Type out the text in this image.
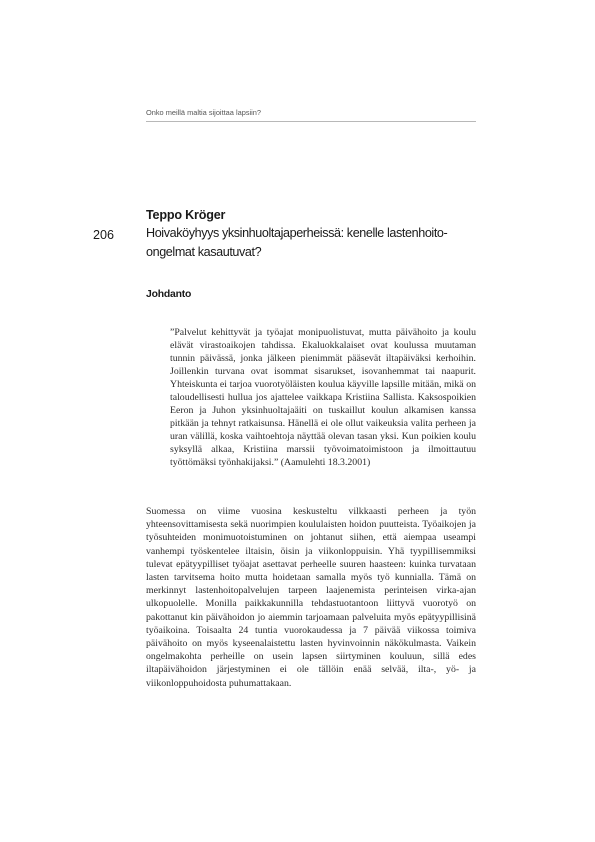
Onko meillä maltia sijoittaa lapsiin?
Teppo Kröger
206	Hoivaköyhyys yksinhuoltajaperheissä: kenelle lastenhoito-ongelmat kasautuvat?
Johdanto

”Palvelut kehittyvät ja työajat monipuolistuvat, mutta päivähoito ja koulu elävät virastoaikojen tahdissa. Ekaluokkalaiset ovat koulussa muutaman tunnin päivässä, jonka jälkeen pienimmät pääsevät iltapäiväksi kerhoihin. Joillenkin turvana ovat isommat sisarukset, isovanhemmat tai naapurit. Yhteiskunta ei tarjoa vuorotyöläisten koulua käyville lapsille mitään, mikä on taloudellisesti hullua jos ajattelee vaikkapa Kristiina Sallista. Kaksospoikien Eeron ja Juhon yksinhuoltajaäiti on tuskaillut koulun alkamisen kanssa pitkään ja tehnyt ratkaisunsa. Hänellä ei ole ollut vaikeuksia valita perheen ja uran välillä, koska vaihtoehtoja näyttää olevan tasan yksi. Kun poikien koulu syksyllä alkaa, Kristiina marssii työvoimatoimistoon ja ilmoittautuu työttömäksi työnhakijaksi.” (Aamulehti 18.3.2001)

Suomessa on viime vuosina keskusteltu vilkkaasti perheen ja työn yhteensovittamisesta sekä nuorimpien koululaisten hoidon puutteista. Työaikojen ja työsuhteiden monimuotoistuminen on johtanut siihen, että aiempaa useampi vanhempi työskentelee iltaisin, öisin ja viikonloppuisin. Yhä tyypillisemmiksi tulevat epätyypilliset työajat asettavat perheelle suuren haasteen: kuinka turvataan lasten tarvitsema hoito mutta hoidetaan samalla myös työ kunnialla. Tämä on merkinnyt lastenhoitopalvelujen tarpeen laajenemista perinteisen virka-ajan ulkopuolelle. Monilla paikkakunnilla tehdastuotantoon liittyvä vuorotyö on pakottanut kin päivähoidon jo aiemmin tarjoamaan palveluita myös epätyypillisinä työaikoina. Toisaalta 24 tuntia vuorokaudessa ja 7 päivää viikossa toimiva päivähoito on myös kyseenalaistettu lasten hyvinvoinnin näkökulmasta. Vaikein ongelmakohta perheille on usein lapsen siirtyminen kouluun, sillä edes iltapäivähoidon järjestyminen ei ole tällöin enää selvää, ilta-, yö- ja viikonloppuhoidosta puhumattakaan.
